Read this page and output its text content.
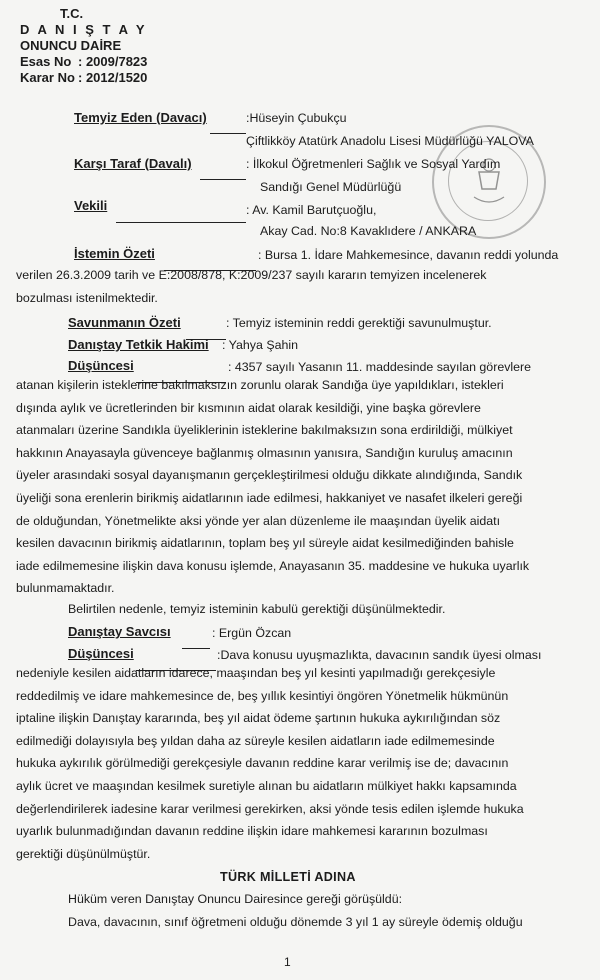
T.C.
D A N I Ş T A Y
ONUNCU DAİRE
Esas No : 2009/7823
Karar No : 2012/1520
Temyiz Eden (Davacı)	:Hüseyin Çubukçu
Çiftlikköy Atatürk Anadolu Lisesi Müdürlüğü YALOVA
Karşı Taraf (Davalı)	: İlkokul Öğretmenleri Sağlık ve Sosyal Yardım
Sandığı Genel Müdürlüğü
Vekili	: Av. Kamil Barutçuoğlu,
Akay Cad. No:8 Kavaklıdere / ANKARA
İstemin Özeti	: Bursa 1. İdare Mahkemesince, davanın reddi yolunda
verilen 26.3.2009 tarih ve E:2008/878, K:2009/237 sayılı kararın temyizen incelenerek
bozulması istenilmektedir.
Savunmanın Özeti	: Temyiz isteminin reddi gerektiği savunulmuştur.
Danıştay Tetkik Hakimi : Yahya Şahin
Düşüncesi	: 4357 sayılı Yasanın 11. maddesinde sayılan görevlere
atanan kişilerin isteklerine bakılmaksızın zorunlu olarak Sandığa üye yapıldıkları, istekleri
dışında aylık ve ücretlerinden bir kısmının aidat olarak kesildiği, yine başka görevlere
atanmaları üzerine Sandıkla üyeliklerinin isteklerine bakılmaksızın sona erdirildiği, mülkiyet
hakkının Anayasayla güvenceye bağlanmış olmasının yanısıra, Sandığın kuruluş amacının
üyeler arasındaki sosyal dayanışmanın gerçekleştirilmesi olduğu dikkate alındığında, Sandık
üyeliği sona erenlerin birikmiş aidatlarının iade edilmesi, hakkaniyet ve nasafet ilkeleri gereği
de olduğundan, Yönetmelikte aksi yönde yer alan düzenleme ile maaşından üyelik aidatı
kesilen davacının birikmiş aidatlarının, toplam beş yıl süreyle aidat kesilmediğinden bahisle
iade edilmemesine ilişkin dava konusu işlemde, Anayasanın 35. maddesine ve hukuka uyarlık
bulunmamaktadır.
Belirtilen nedenle, temyiz isteminin kabulü gerektiği düşünülmektedir.
Danıştay Savcısı	: Ergün Özcan
Düşüncesi	:Dava konusu uyuşmazlıkta, davacının sandık üyesi olması
nedeniyle kesilen aidatların idarece, maaşından beş yıl kesinti yapılmadığı gerekçesiyle
reddedilmiş ve idare mahkemesince de, beş yıllık kesintiyi öngören Yönetmelik hükmünün
iptaline ilişkin Danıştay kararında, beş yıl aidat ödeme şartının hukuka aykırılığından söz
edilmediği dolayısıyla beş yıldan daha az süreyle kesilen aidatların iade edilmemesinde
hukuka aykırılık görülmediği gerekçesiyle davanın reddine karar verilmiş ise de; davacının
aylık ücret ve maaşından kesilmek suretiyle alınan bu aidatların mülkiyet hakkı kapsamında
değerlendirilerek iadesine karar verilmesi gerekirken, aksi yönde tesis edilen işlemde hukuka
uyarlık bulunmadığından davanın reddine ilişkin idare mahkemesi kararının bozulması
gerektiği düşünülmüştür.
TÜRK MİLLETİ ADINA
Hüküm veren Danıştay Onuncu Dairesince gereği görüşüldü:
Dava, davacının, sınıf öğretmeni olduğu dönemde 3 yıl 1 ay süreyle ödemiş olduğu
1
